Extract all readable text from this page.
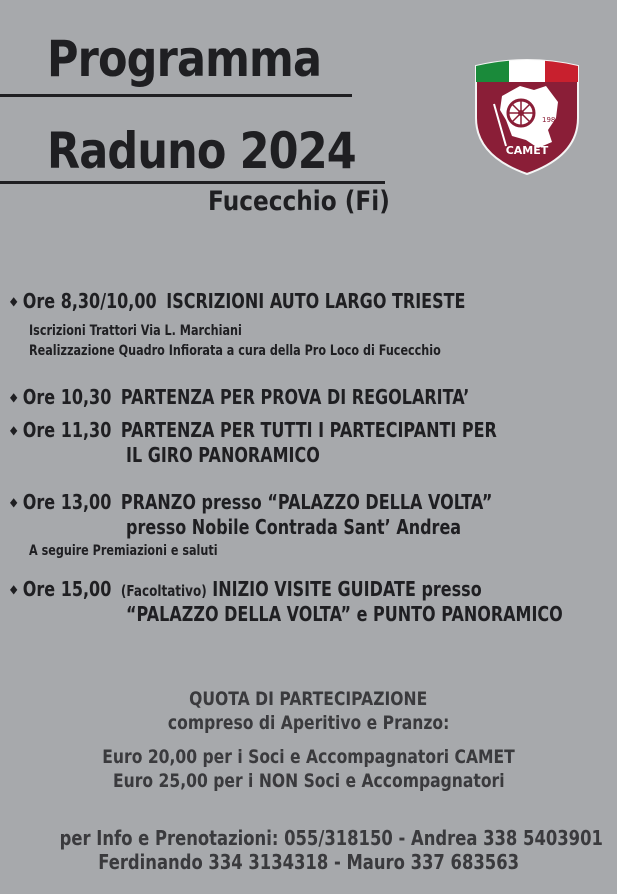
Programma
Raduno 2024
Fucecchio (Fi)
1980
CAMET
◆ Ore 8,30/10,00 ISCRIZIONI AUTO LARGO TRIESTE
Iscrizioni Trattori Via L. Marchiani
Realizzazione Quadro Infiorata a cura della Pro Loco di Fucecchio
◆ Ore 10,30 PARTENZA PER PROVA DI REGOLARITA’
◆ Ore 11,30 PARTENZA PER TUTTI I PARTECIPANTI PER
IL GIRO PANORAMICO
◆ Ore 13,00 PRANZO presso “PALAZZO DELLA VOLTA”
presso Nobile Contrada Sant’ Andrea
A seguire Premiazioni e saluti
◆ Ore 15,00 (Facoltativo) INIZIO VISITE GUIDATE presso
“PALAZZO DELLA VOLTA” e PUNTO PANORAMICO
QUOTA DI PARTECIPAZIONE
compreso di Aperitivo e Pranzo:
Euro 20,00 per i Soci e Accompagnatori CAMET
Euro 25,00 per i NON Soci e Accompagnatori
per Info e Prenotazioni: 055/318150 - Andrea 338 5403901
Ferdinando 334 3134318 - Mauro 337 683563
